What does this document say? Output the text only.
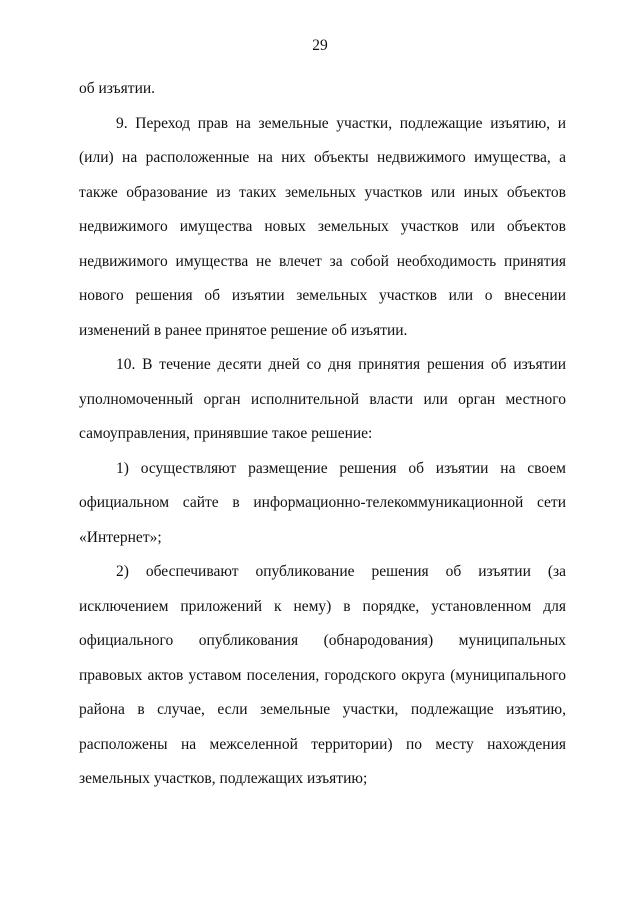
29

об изъятии.

9. Переход прав на земельные участки, подлежащие изъятию, и (или) на расположенные на них объекты недвижимого имущества, а также образование из таких земельных участков или иных объектов недвижимого имущества новых земельных участков или объектов недвижимого имущества не влечет за собой необходимость принятия нового решения об изъятии земельных участков или о внесении изменений в ранее принятое решение об изъятии.

10. В течение десяти дней со дня принятия решения об изъятии уполномоченный орган исполнительной власти или орган местного самоуправления, принявшие такое решение:

1) осуществляют размещение решения об изъятии на своем официальном сайте в информационно-телекоммуникационной сети «Интернет»;

2) обеспечивают опубликование решения об изъятии (за исключением приложений к нему) в порядке, установленном для официального опубликования (обнародования) муниципальных правовых актов уставом поселения, городского округа (муниципального района в случае, если земельные участки, подлежащие изъятию, расположены на межселенной территории) по месту нахождения земельных участков, подлежащих изъятию;
